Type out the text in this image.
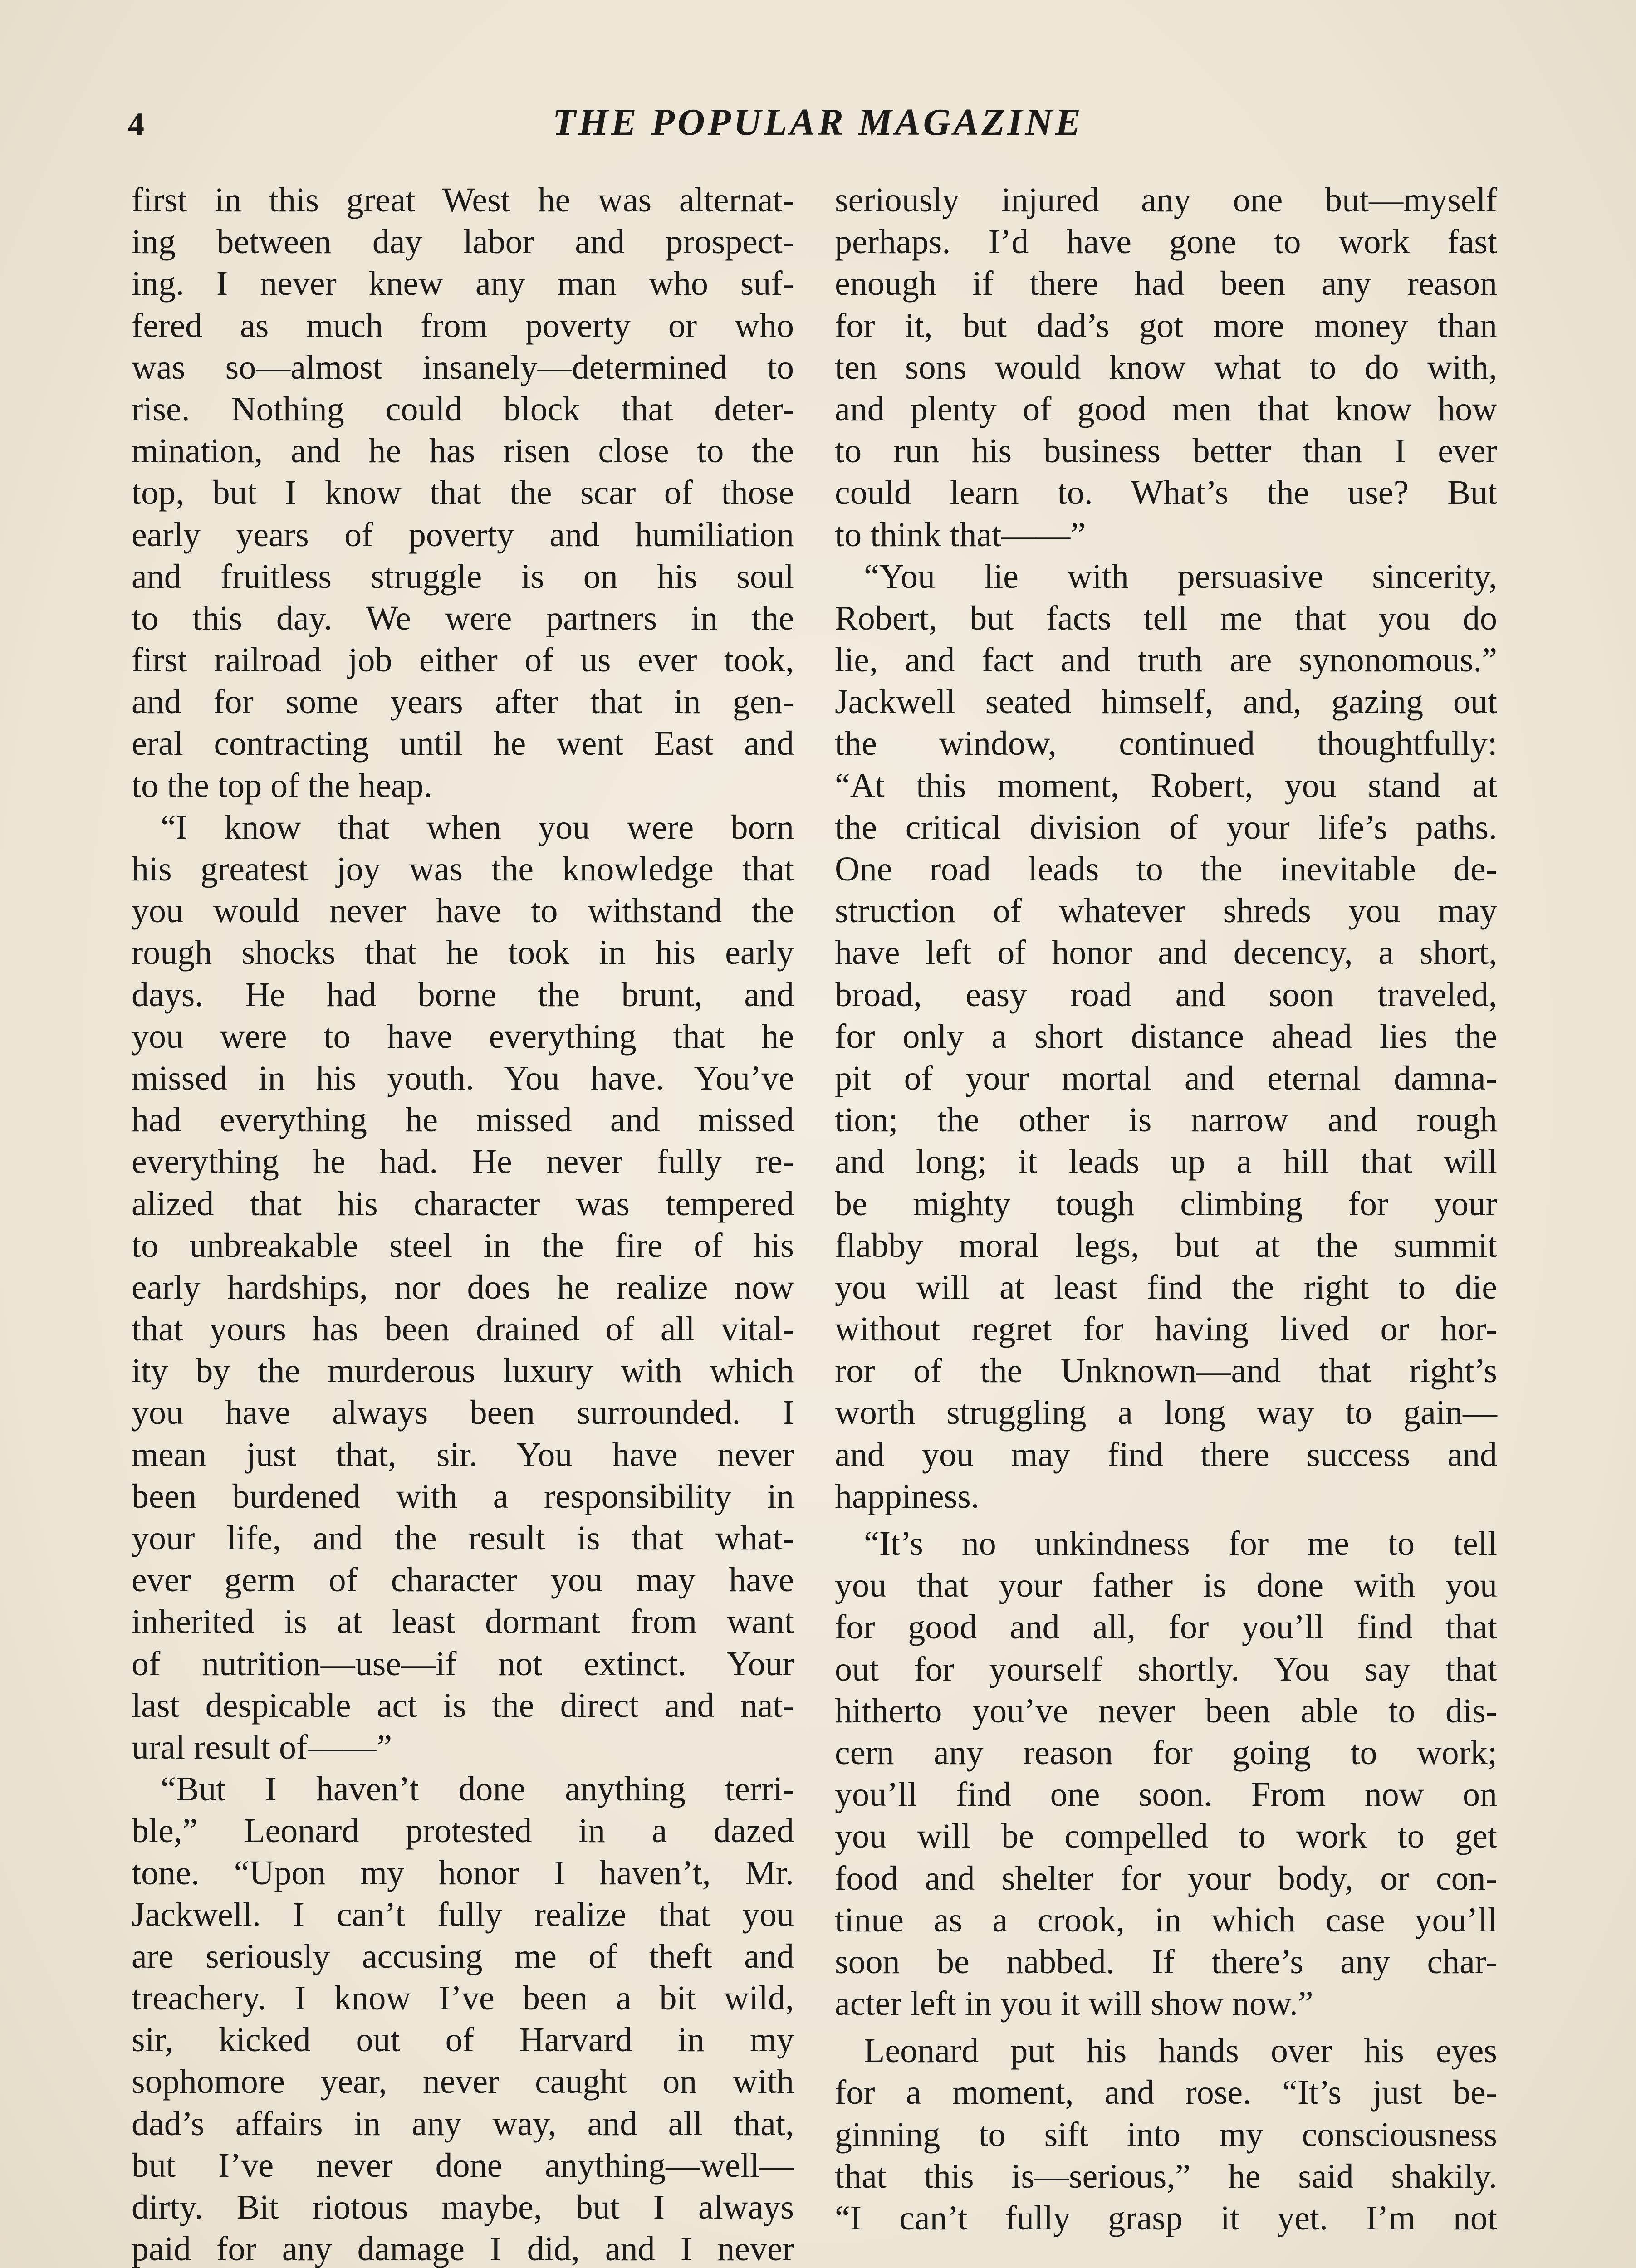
4	THE POPULAR MAGAZINE
first in this great West he was alternat-
ing between day labor and prospect-
ing. I never knew any man who suf-
fered as much from poverty or who
was so—almost insanely—determined to
rise. Nothing could block that deter-
mination, and he has risen close to the
top, but I know that the scar of those
early years of poverty and humiliation
and fruitless struggle is on his soul
to this day. We were partners in the
first railroad job either of us ever took,
and for some years after that in gen-
eral contracting until he went East and
to the top of the heap.
“I know that when you were born
his greatest joy was the knowledge that
you would never have to withstand the
rough shocks that he took in his early
days. He had borne the brunt, and
you were to have everything that he
missed in his youth. You have. You’ve
had everything he missed and missed
everything he had. He never fully re-
alized that his character was tempered
to unbreakable steel in the fire of his
early hardships, nor does he realize now
that yours has been drained of all vital-
ity by the murderous luxury with which
you have always been surrounded. I
mean just that, sir. You have never
been burdened with a responsibility in
your life, and the result is that what-
ever germ of character you may have
inherited is at least dormant from want
of nutrition—use—if not extinct. Your
last despicable act is the direct and nat-
ural result of——”
“But I haven’t done anything terri-
ble,” Leonard protested in a dazed
tone. “Upon my honor I haven’t, Mr.
Jackwell. I can’t fully realize that you
are seriously accusing me of theft and
treachery. I know I’ve been a bit wild,
sir, kicked out of Harvard in my
sophomore year, never caught on with
dad’s affairs in any way, and all that,
but I’ve never done anything—well—
dirty. Bit riotous maybe, but I always
paid for any damage I did, and I never
seriously injured any one but—myself
perhaps. I’d have gone to work fast
enough if there had been any reason
for it, but dad’s got more money than
ten sons would know what to do with,
and plenty of good men that know how
to run his business better than I ever
could learn to. What’s the use? But
to think that——”
“You lie with persuasive sincerity,
Robert, but facts tell me that you do
lie, and fact and truth are synonomous.”
Jackwell seated himself, and, gazing out
the window, continued thoughtfully:
“At this moment, Robert, you stand at
the critical division of your life’s paths.
One road leads to the inevitable de-
struction of whatever shreds you may
have left of honor and decency, a short,
broad, easy road and soon traveled,
for only a short distance ahead lies the
pit of your mortal and eternal damna-
tion; the other is narrow and rough
and long; it leads up a hill that will
be mighty tough climbing for your
flabby moral legs, but at the summit
you will at least find the right to die
without regret for having lived or hor-
ror of the Unknown—and that right’s
worth struggling a long way to gain—
and you may find there success and
happiness.
“It’s no unkindness for me to tell
you that your father is done with you
for good and all, for you’ll find that
out for yourself shortly. You say that
hitherto you’ve never been able to dis-
cern any reason for going to work;
you’ll find one soon. From now on
you will be compelled to work to get
food and shelter for your body, or con-
tinue as a crook, in which case you’ll
soon be nabbed. If there’s any char-
acter left in you it will show now.”
Leonard put his hands over his eyes
for a moment, and rose. “It’s just be-
ginning to sift into my consciousness
that this is—serious,” he said shakily.
“I can’t fully grasp it yet. I’m not
